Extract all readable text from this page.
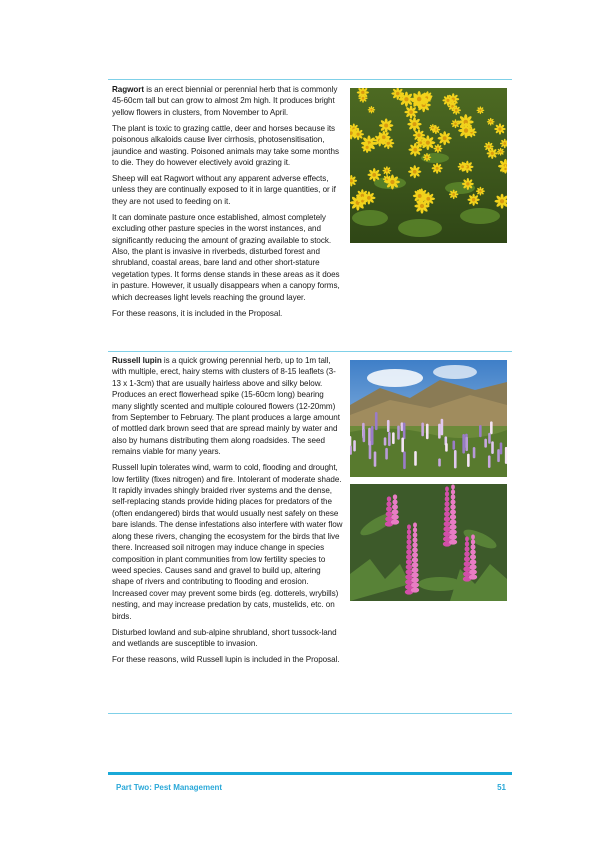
Ragwort is an erect biennial or perennial herb that is commonly 45-60cm tall but can grow to almost 2m high. It produces bright yellow flowers in clusters, from November to April.

The plant is toxic to grazing cattle, deer and horses because its poisonous alkaloids cause liver cirrhosis, photosensitisation, jaundice and wasting. Poisoned animals may take some months to die. They do however electively avoid grazing it.

Sheep will eat Ragwort without any apparent adverse effects, unless they are continually exposed to it in large quantities, or if they are not used to feeding on it.

It can dominate pasture once established, almost completely excluding other pasture species in the worst instances, and significantly reducing the amount of grazing available to stock. Also, the plant is invasive in riverbeds, disturbed forest and shrubland, coastal areas, bare land and other short-stature vegetation types. It forms dense stands in these areas as it does in pasture. However, it usually disappears when a canopy forms, which decreases light levels reaching the ground layer.

For these reasons, it is included in the Proposal.

Russell lupin is a quick growing perennial herb, up to 1m tall, with multiple, erect, hairy stems with clusters of 8-15 leaflets (3-13 x 1-3cm) that are usually hairless above and silky below. Produces an erect flowerhead spike (15-60cm long) bearing many slightly scented and multiple coloured flowers (12-20mm) from September to February. The plant produces a large amount of mottled dark brown seed that are spread mainly by water and also by humans distributing them along roadsides. The seed remains viable for many years.

Russell lupin tolerates wind, warm to cold, flooding and drought, low fertility (fixes nitrogen) and fire. Intolerant of moderate shade. It rapidly invades shingly braided river systems and the dense, self-replacing stands provide hiding places for predators of the (often endangered) birds that would usually nest safely on these bare islands. The dense infestations also interfere with water flow along these rivers, changing the ecosystem for the birds that live there. Increased soil nitrogen may induce change in species composition in plant communities from low fertility species to weed species. Causes sand and gravel to build up, altering shape of rivers and contributing to flooding and erosion. Increased cover may prevent some birds (eg. dotterels, wrybills) nesting, and may increase predation by cats, mustelids, etc. on birds.

Disturbed lowland and sub-alpine shrubland, short tussock-land and wetlands are susceptible to invasion.

For these reasons, wild Russell lupin is included in the Proposal.

Part Two: Pest Management	51
